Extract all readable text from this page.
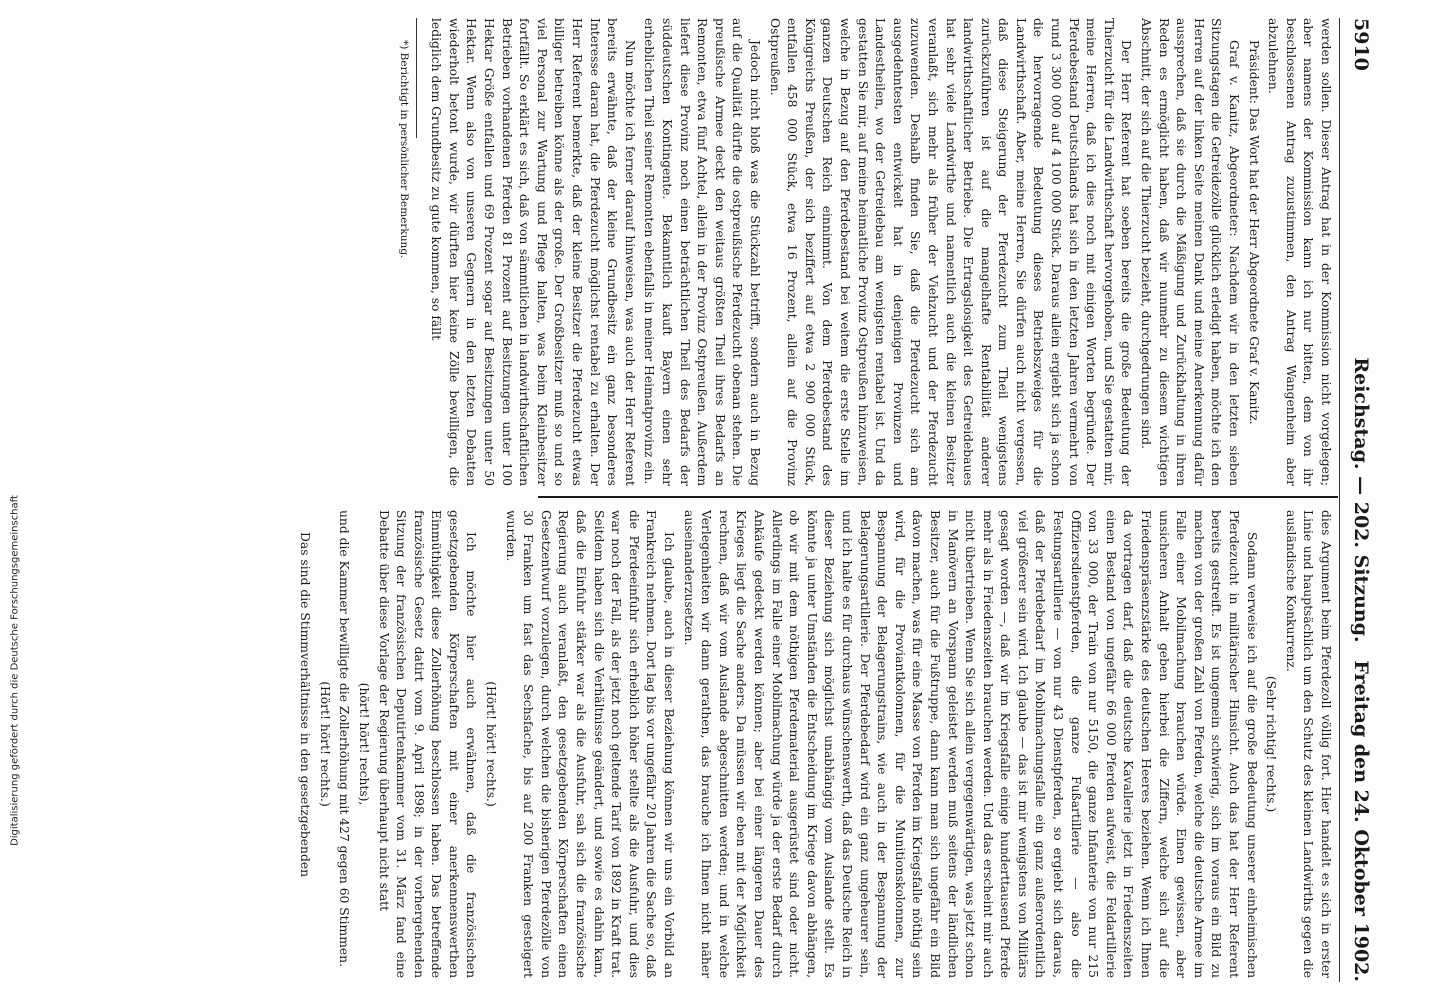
5910
Reichstag. — 202. Sitzung.
Freitag den 24. Oktober 1902.

werden sollen. Dieser Antrag hat in der Kommission nicht vorgelegen; aber namens der Kommission kann ich nur bitten, dem von ihr beschlossenen Antrag zuzustimmen, den Antrag Wangenheim aber abzulehnen.

Präsident: Das Wort hat der Herr Abgeordnete Graf v. Kanitz.

Graf v. Kanitz, Abgeordneter: Nachdem wir in den letzten sieben Sitzungstagen die Getreidezölle glücklich erledigt haben, möchte ich den Herren auf der linken Seite meinen Dank und meine Anerkennung dafür aussprechen, daß sie durch die Mäßigung und Zurückhaltung in ihren Reden es ermöglicht haben, daß wir nunmehr zu diesem wichtigen Abschnitt, der sich auf die Thierzucht bezieht, durchgedrungen sind.

Der Herr Referent hat soeben bereits die große Bedeutung der Thierzucht für die Landwirthschaft hervorgehoben, und Sie gestatten mir, meine Herren, daß ich dies noch mit einigen Worten begründe. Der Pferdebestand Deutschlands hat sich in den letzten Jahren vermehrt von rund 3 300 000 auf 4 100 000 Stück. Daraus allein ergiebt sich ja schon die hervorragende Bedeutung dieses Betriebszweiges für die Landwirthschaft. Aber, meine Herren, Sie dürfen auch nicht vergessen, daß diese Steigerung der Pferdezucht zum Theil wenigstens zurückzuführen ist auf die mangelhafte Rentabilität anderer landwirthschaftlicher Betriebe. Die Ertragslosigkeit des Getreidebaues hat sehr viele Landwirthe und namentlich auch die kleinen Besitzer veranlaßt, sich mehr als früher der Viehzucht und der Pferdezucht zuzuwenden. Deshalb finden Sie, daß die Pferdezucht sich am ausgedehntesten entwickelt hat in denjenigen Provinzen und Landestheilen, wo der Getreidebau am wenigsten rentabel ist. Und da gestatten Sie mir, auf meine heimatliche Provinz Ostpreußen hinzuweisen, welche in Bezug auf den Pferdebestand bei weitem die erste Stelle im ganzen Deutschen Reich einnimmt. Von dem Pferdebestand des Königreichs Preußen, der sich beziffert auf etwa 2 900 000 Stück, entfallen 458 000 Stück, etwa 16 Prozent, allein auf die Provinz Ostpreußen.

Jedoch nicht bloß was die Stückzahl betrifft, sondern auch in Bezug auf die Qualität dürfte die ostpreußische Pferdezucht obenan stehen. Die preußische Armee deckt den weitaus größten Theil ihres Bedarfs an Remonten, etwa fünf Achtel, allein in der Provinz Ostpreußen. Außerdem liefert diese Provinz noch einen beträchtlichen Theil des Bedarfs der süddeutschen Kontingente. Bekanntlich kauft Bayern einen sehr erheblichen Theil seiner Remonten ebenfalls in meiner Heimatprovinz ein.

Nun möchte ich ferner darauf hinweisen, was auch der Herr Referent bereits erwähnte, daß der kleine Grundbesitz ein ganz besonderes Interesse daran hat, die Pferdezucht möglichst rentabel zu erhalten. Der Herr Referent bemerkte, daß der kleine Besitzer die Pferdezucht etwas billiger betreiben könne als der große. Der Großbesitzer muß so und so viel Personal zur Wartung und Pflege halten, was beim Kleinbesitzer fortfällt. So erklärt es sich, daß von sämmtlichen in landwirthschaftlichen Betrieben vorhandenen Pferden 81 Prozent auf Besitzungen unter 100 Hektar Größe entfallen und 69 Prozent sogar auf Besitzungen unter 50 Hektar. Wenn also von unseren Gegnern in den letzten Debatten wiederholt betont wurde, wir dürften hier keine Zölle bewilligen, die lediglich dem Grundbesitz zu gute kommen, so fällt

*) Berichtigt in persönlicher Bemerkung.

dies Argument beim Pferdezoll völlig fort. Hier handelt es sich in erster Linie und hauptsächlich um den Schutz des kleinen Landwirths gegen die ausländische Konkurrenz.

(Sehr richtig! rechts.)

Sodann verweise ich auf die große Bedeutung unserer einheimischen Pferdezucht in militärischer Hinsicht. Auch das hat der Herr Referent bereits gestreift. Es ist ungemein schwierig, sich im voraus ein Bild zu machen von der großen Zahl von Pferden, welche die deutsche Armee im Falle einer Mobilmachung brauchen würde. Einen gewissen, aber unsicheren Anhalt geben hierbei die Ziffern, welche sich auf die Friedenspräsenzstärke des deutschen Heeres beziehen. Wenn ich Ihnen da vortragen darf, daß die deutsche Kavallerie jetzt in Friedenszeiten einen Bestand von ungefähr 66 000 Pferden aufweist, die Feldartillerie von 33 000, der Train von nur 5150, die ganze Infanterie von nur 215 Offiziersdienstpferden, die ganze Fußartillerie — also die Festungsartillerie — von nur 43 Dienstpferden, so ergiebt sich daraus, daß der Pferdebedarf im Mobilmachungsfalle ein ganz außerordentlich viel größerer sein wird. Ich glaube — das ist mir wenigstens von Militärs gesagt worden —, daß wir im Kriegsfalle einige hunderttausend Pferde mehr als in Friedenszeiten brauchen werden. Und das erscheint mir auch nicht übertrieben. Wenn Sie sich allein vergegenwärtigen, was jetzt schon in Manövern an Vorspann geleistet werden muß seitens der ländlichen Besitzer, auch für die Fußtruppe, dann kann man sich ungefähr ein Bild davon machen, was für eine Masse von Pferden im Kriegsfalle nöthig sein wird, für die Proviantkolonnen, für die Munitionskolonnen, zur Bespannung der Belagerungstrains, wie auch in der Bespannung der Belagerungsartillerie. Der Pferdebedarf wird ein ganz ungeheurer sein, und ich halte es für durchaus wünschenswerth, daß das Deutsche Reich in dieser Beziehung sich möglichst unabhängig vom Auslande stellt. Es könnte ja unter Umständen die Entscheidung im Kriege davon abhängen, ob wir mit dem nöthigen Pferdematerial ausgerüstet sind oder nicht. Allerdings im Falle einer Mobilmachung würde ja der erste Bedarf durch Ankäufe gedeckt werden können; aber bei einer längeren Dauer des Krieges liegt die Sache anders. Da müssen wir eben mit der Möglichkeit rechnen, daß wir vom Auslande abgeschnitten werden; und in welche Verlegenheiten wir dann gerathen, das brauche ich Ihnen nicht näher auseinanderzusetzen.

Ich glaube, auch in dieser Beziehung können wir uns ein Vorbild an Frankreich nehmen. Dort lag bis vor ungefähr 20 Jahren die Sache so, daß die Pferdeeinfuhr sich erheblich höher stellte als die Ausfuhr, und dies war noch der Fall, als der jetzt noch geltende Tarif von 1892 in Kraft trat. Seitdem haben sich die Verhältnisse geändert, und sowie es dahin kam, daß die Einfuhr stärker war als die Ausfuhr, sah sich die französische Regierung auch veranlaßt, den gesetzgebenden Körperschaften einen Gesetzentwurf vorzulegen, durch welchen die bisherigen Pferdezölle von 30 Franken um fast das Sechsfache, bis auf 200 Franken gesteigert wurden.

(Hört! hört! rechts.)

Ich möchte hier auch erwähnen, daß die französischen gesetzgebenden Körperschaften mit einer anerkennenswerthen Einmüthigkeit diese Zollerhöhung beschlossen haben. Das betreffende französische Gesetz datirt vom 9. April 1898; in der vorhergehenden Sitzung der französischen Deputirtenkammer vom 31. März fand eine Debatte über diese Vorlage der Regierung überhaupt nicht statt

(hört! hört! rechts),

und die Kammer bewilligte die Zollerhöhung mit 427 gegen 60 Stimmen.

(Hört! hört! rechts.)

Das sind die Stimmverhältnisse in den gesetzgebenden

Digitalisierung gefördert durch die Deutsche Forschungsgemeinschaft
